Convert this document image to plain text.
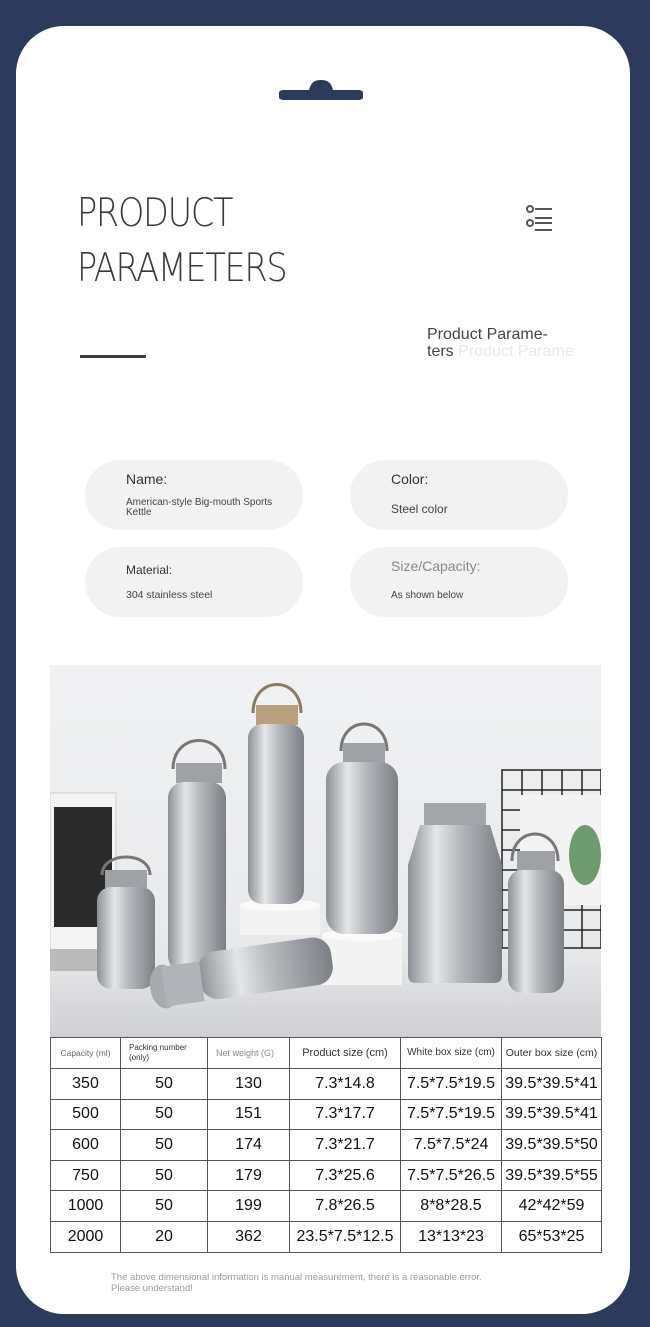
PRODUCT
PARAMETERS
Product Parame-
ters Product Parame
Name:
American-style Big-mouth Sports Kettle
Color:
Steel color
Material:
304 stainless steel
Size/Capacity:
As shown below
Capacity (ml)	Packing number (only)	Net weight (G)	Product size (cm)	White box size (cm)	Outer box size (cm)
350	50	130	7.3*14.8	7.5*7.5*19.5	39.5*39.5*41
500	50	151	7.3*17.7	7.5*7.5*19.5	39.5*39.5*41
600	50	174	7.3*21.7	7.5*7.5*24	39.5*39.5*50
750	50	179	7.3*25.6	7.5*7.5*26.5	39.5*39.5*55
1000	50	199	7.8*26.5	8*8*28.5	42*42*59
2000	20	362	23.5*7.5*12.5	13*13*23	65*53*25
The above dimensional information is manual measurement, there is a reasonable error.
Please understand!
